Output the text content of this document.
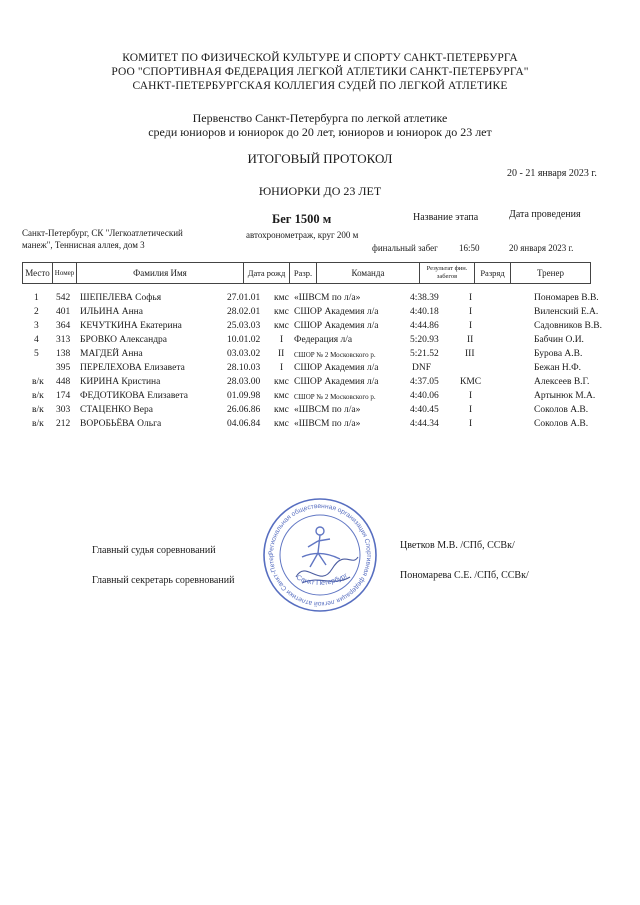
КОМИТЕТ ПО ФИЗИЧЕСКОЙ КУЛЬТУРЕ И СПОРТУ САНКТ-ПЕТЕРБУРГА
РОО "СПОРТИВНАЯ ФЕДЕРАЦИЯ ЛЕГКОЙ АТЛЕТИКИ САНКТ-ПЕТЕРБУРГА"
САНКТ-ПЕТЕРБУРГСКАЯ КОЛЛЕГИЯ СУДЕЙ ПО ЛЕГКОЙ АТЛЕТИКЕ
Первенство Санкт-Петербурга по легкой атлетике
среди юниоров и юниорок до 20 лет, юниоров и юниорок до 23 лет
ИТОГОВЫЙ ПРОТОКОЛ
20 - 21 января 2023 г.
ЮНИОРКИ ДО 23 ЛЕТ
Санкт-Петербург, СК "Легкоатлетический
манеж", Теннисная аллея, дом 3
Бег 1500 м
автохронометраж, круг 200 м
Название этапа	Дата проведения
финальный забег 16:50	20 января 2023 г.
Место Номер	Фамилия Имя	Дата рожд	Разр.	Команда	Результат фин. забегов	Разряд	Тренер
1 542 ШЕПЕЛЕВА Софья	27.01.01 кмс «ШВСМ по л/а»	4:38.39	I	Пономарев В.В.
2 401 ИЛЬИНА Анна	28.02.01 кмс СШОР Академия л/а	4:40.18	I	Виленский Е.А.
3 364 КЕЧУТКИНА Екатерина	25.03.03 кмс СШОР Академия л/а	4:44.86	I	Садовников В.В.
4 313 БРОВКО Александра	10.01.02 I Федерация л/а	5:20.93	II	Бабчин О.И.
5 138 МАГДЕЙ Анна	03.03.02 II СШОР № 2 Московского р.	5:21.52	III	Бурова А.В.
395 ПЕРЕЛЕХОВА Елизавета	28.10.03 I СШОР Академия л/а	DNF	Бежан Н.Ф.
в/к 448 КИРИНА Кристина	28.03.00 кмс СШОР Академия л/а	4:37.05 КМС	Алексеев В.Г.
в/к 174 ФЕДОТИКОВА Елизавета	01.09.98 кмс СШОР № 2 Московского р.	4:40.06	I	Артынюк М.А.
в/к 303 СТАЦЕНКО Вера	26.06.86 кмс «ШВСМ по л/а»	4:40.45	I	Соколов А.В.
в/к 212 ВОРОБЬЁВА Ольга	04.06.84 кмс «ШВСМ по л/а»	4:44.34	I	Соколов А.В.
Главный судья соревнований	Цветков М.В. /СПб, ССВк/
Главный секретарь соревнований	Пономарева С.Е. /СПб, ССВк/
Региональная общественная организация Спортивная федерация легкой атлетики Санкт-Петер
Санкт Петербург
